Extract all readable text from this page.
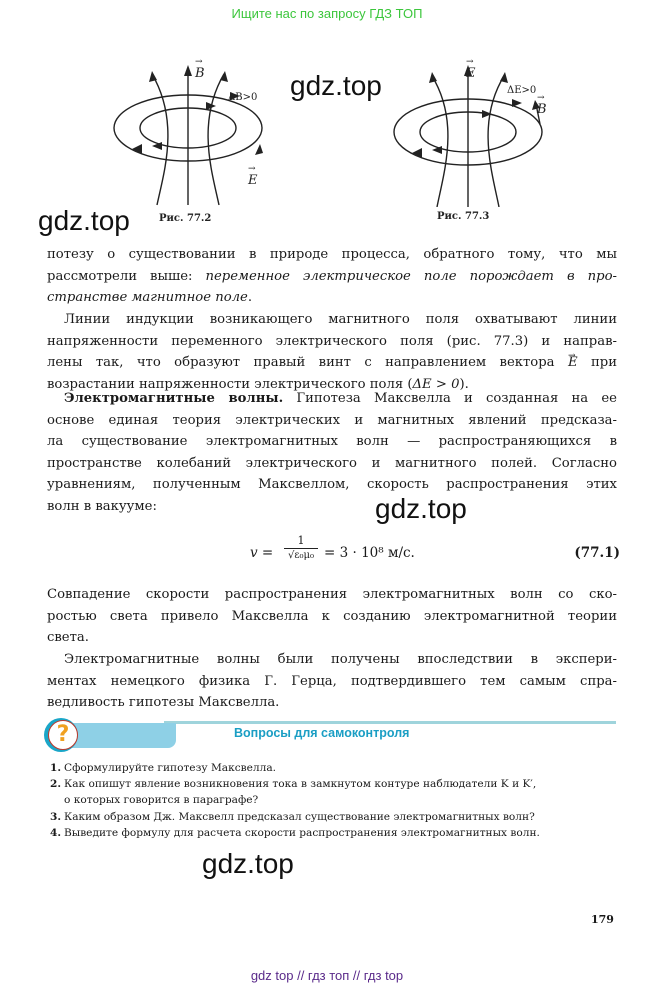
Ищите нас по запросу ГДЗ ТОП
→ B
ΔB>0
→ E
Рис. 77.2
→ E
ΔE>0
→ B
Рис. 77.3
gdz.top
gdz.top
gdz.top
gdz.top
потезу о существовании в природе процесса, обратного тому, что мы
рассмотрели выше: переменное электрическое поле порождает в про-
странстве магнитное поле.
Линии индукции возникающего магнитного поля охватывают линии
напряженности переменного электрического поля (рис. 77.3) и направ-
лены так, что образуют правый винт с направлением вектора → E при
возрастании напряженности электрического поля (ΔE > 0).
Электромагнитные волны. Гипотеза Максвелла и созданная на ее
основе единая теория электрических и магнитных явлений предсказа-
ла существование электромагнитных волн — распространяющихся в
пространстве колебаний электрического и магнитного полей. Согласно
уравнениям, полученным Максвеллом, скорость распространения этих
волн в вакууме:
$v = \frac{1}{\text{√ε₀μ₀}} = 3 \cdot 10^8$ м/с.	(77.1)
Совпадение скорости распространения электромагнитных волн со ско-
ростью света привело Максвелла к созданию электромагнитной теории
света.
Электромагнитные волны были получены впоследствии в экспери-
ментах немецкого физика Г. Герца, подтвердившего тем самым спра-
ведливость гипотезы Максвелла.
?	Вопросы для самоконтроля
1. Сформулируйте гипотезу Максвелла.
2. Как опишут явление возникновения тока в замкнутом контуре наблюдатели K и K′,
о которых говорится в параграфе?
3. Каким образом Дж. Максвелл предсказал существование электромагнитных волн?
4. Выведите формулу для расчета скорости распространения электромагнитных волн.
179
gdz top // гдз топ // гдз top
